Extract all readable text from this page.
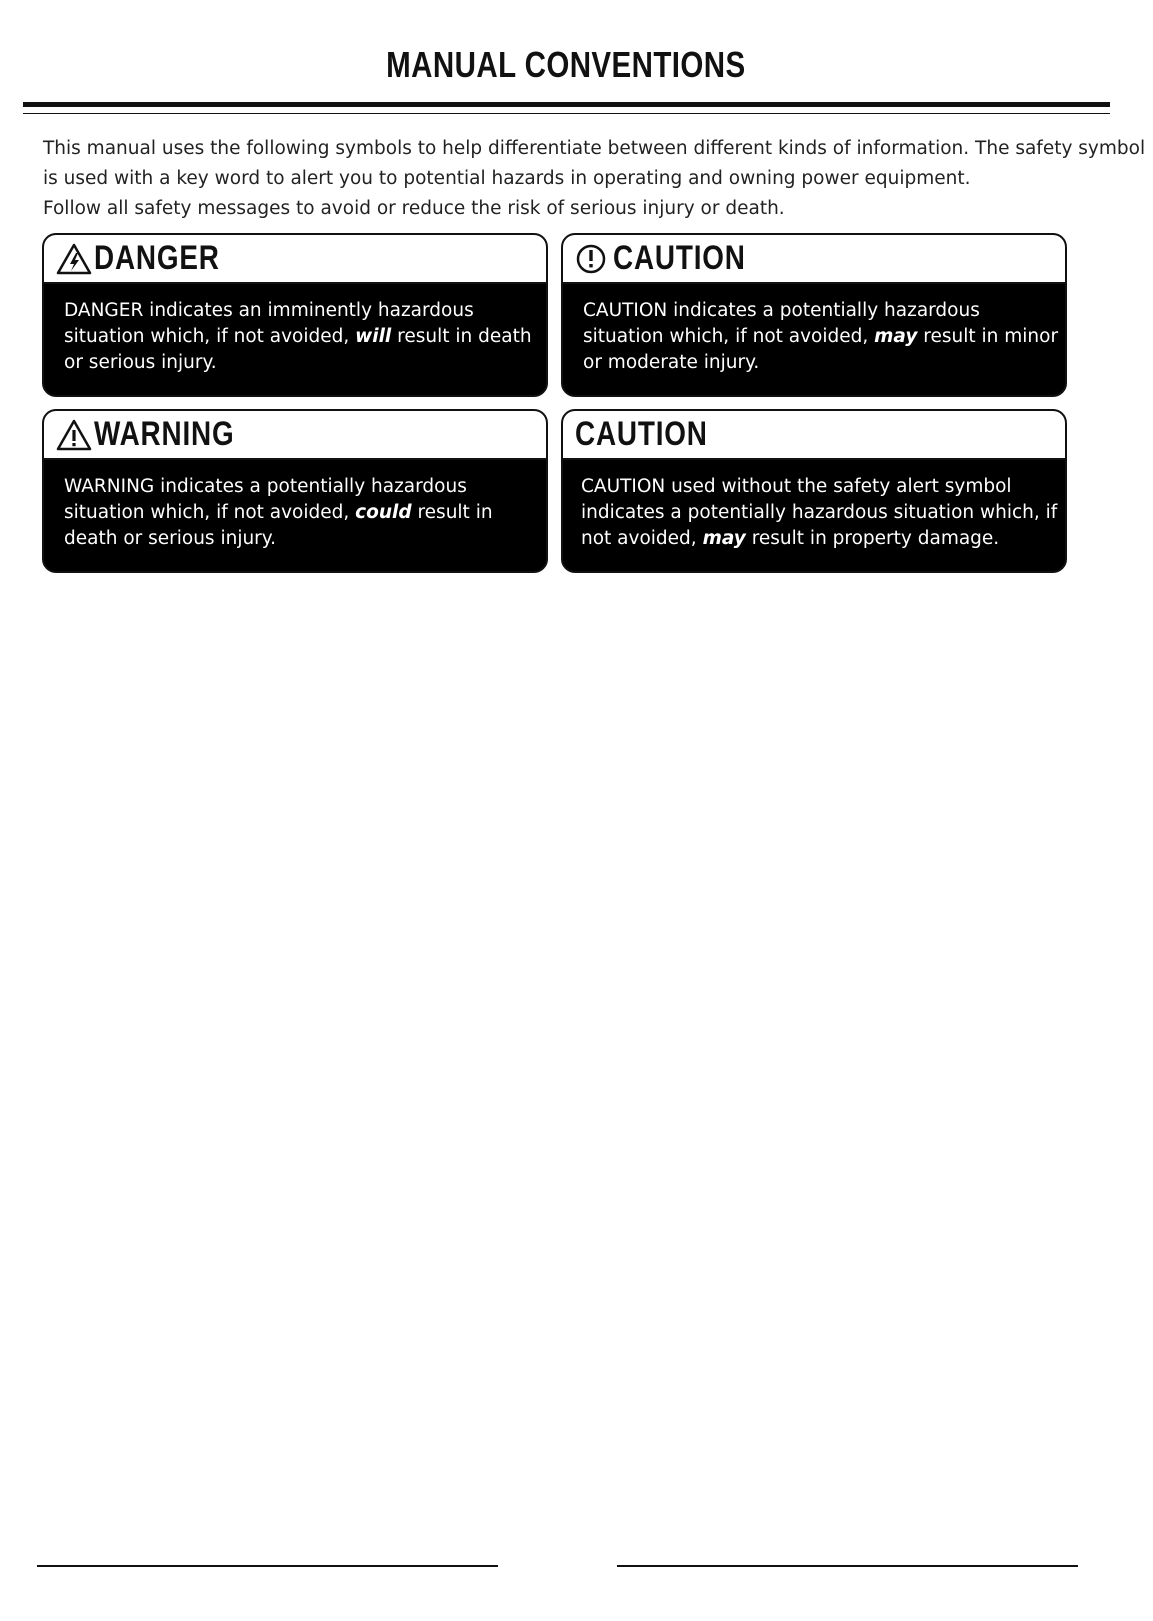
MANUAL CONVENTIONS

This manual uses the following symbols to help differentiate between different kinds of information. The safety symbol

is used with a key word to alert you to potential hazards in operating and owning power equipment.

Follow all safety messages to avoid or reduce the risk of serious injury or death.

DANGER

DANGER indicates an imminently hazardous

situation which, if not avoided, will result in death

or serious injury.

CAUTION

CAUTION indicates a potentially hazardous

situation which, if not avoided, may result in minor

or moderate injury.

WARNING

WARNING indicates a potentially hazardous

situation which, if not avoided, could result in

death or serious injury.

CAUTION

CAUTION used without the safety alert symbol

indicates a potentially hazardous situation which, if

not avoided, may result in property damage.
